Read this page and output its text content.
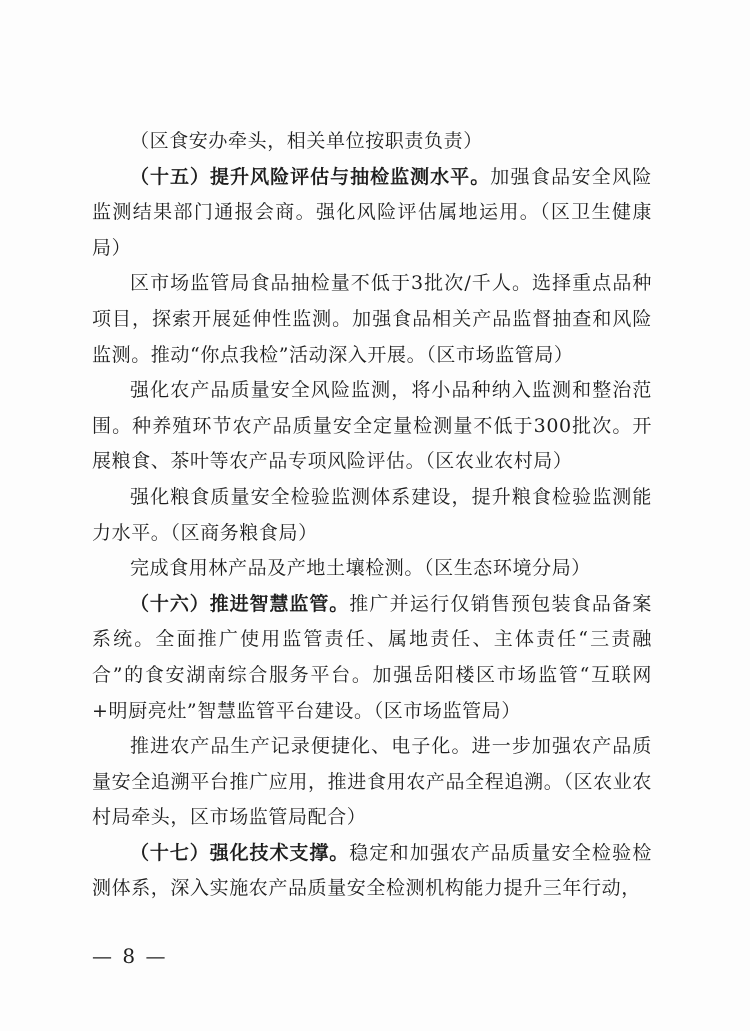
（区食安办牵头，相关单位按职责负责）

（十五）提升风险评估与抽检监测水平。加强食品安全风险监测结果部门通报会商。强化风险评估属地运用。（区卫生健康局）

区市场监管局食品抽检量不低于3批次/千人。选择重点品种项目，探索开展延伸性监测。加强食品相关产品监督抽查和风险监测。推动“你点我检”活动深入开展。（区市场监管局）

强化农产品质量安全风险监测，将小品种纳入监测和整治范围。种养殖环节农产品质量安全定量检测量不低于300批次。开展粮食、茶叶等农产品专项风险评估。（区农业农村局）

强化粮食质量安全检验监测体系建设，提升粮食检验监测能力水平。（区商务粮食局）

完成食用林产品及产地土壤检测。（区生态环境分局）

（十六）推进智慧监管。推广并运行仅销售预包装食品备案系统。全面推广使用监管责任、属地责任、主体责任“三责融合”的食安湖南综合服务平台。加强岳阳楼区市场监管“互联网+明厨亮灶”智慧监管平台建设。（区市场监管局）

推进农产品生产记录便捷化、电子化。进一步加强农产品质量安全追溯平台推广应用，推进食用农产品全程追溯。（区农业农村局牵头，区市场监管局配合）

（十七）强化技术支撑。稳定和加强农产品质量安全检验检测体系，深入实施农产品质量安全检测机构能力提升三年行动，

— 8 —
